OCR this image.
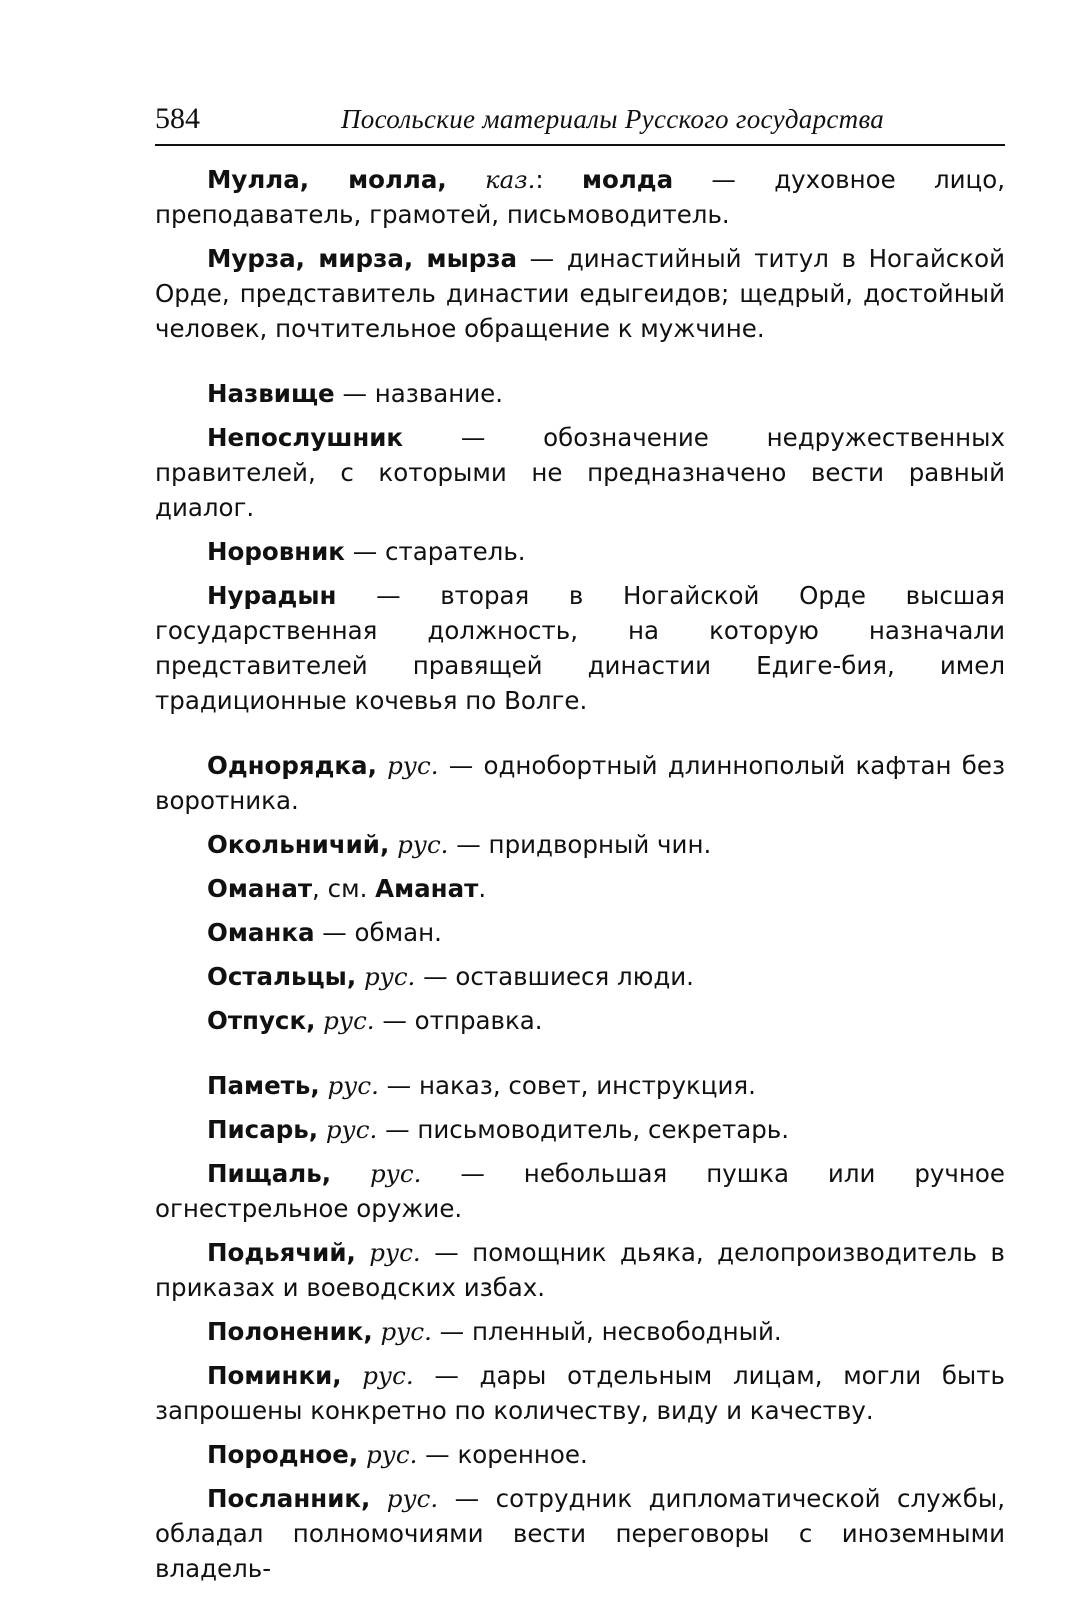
584	Посольские материалы Русского государства

Мулла, молла, каз.: молда — духовное лицо, преподаватель, грамотей, письмоводитель.

Мурза, мирза, мырза — династийный титул в Ногайской Орде, представитель династии едыгеидов; щедрый, достойный человек, почтительное обращение к мужчине.

Назвище — название.

Непослушник — обозначение недружественных правителей, с которыми не предназначено вести равный диалог.

Норовник — старатель.

Нурадын — вторая в Ногайской Орде высшая государственная должность, на которую назначали представителей правящей династии Едиге-бия, имел традиционные кочевья по Волге.

Однорядка, рус. — однобортный длиннополый кафтан без воротника.

Окольничий, рус. — придворный чин.

Оманат, см. Аманат.

Оманка — обман.

Остальцы, рус. — оставшиеся люди.

Отпуск, рус. — отправка.

Паметь, рус. — наказ, совет, инструкция.

Писарь, рус. — письмоводитель, секретарь.

Пищаль, рус. — небольшая пушка или ручное огнестрельное оружие.

Подьячий, рус. — помощник дьяка, делопроизводитель в приказах и воеводских избах.

Полоненик, рус. — пленный, несвободный.

Поминки, рус. — дары отдельным лицам, могли быть запрошены конкретно по количеству, виду и качеству.

Породное, рус. — коренное.

Посланник, рус. — сотрудник дипломатической службы, обладал полномочиями вести переговоры с иноземными владель-
